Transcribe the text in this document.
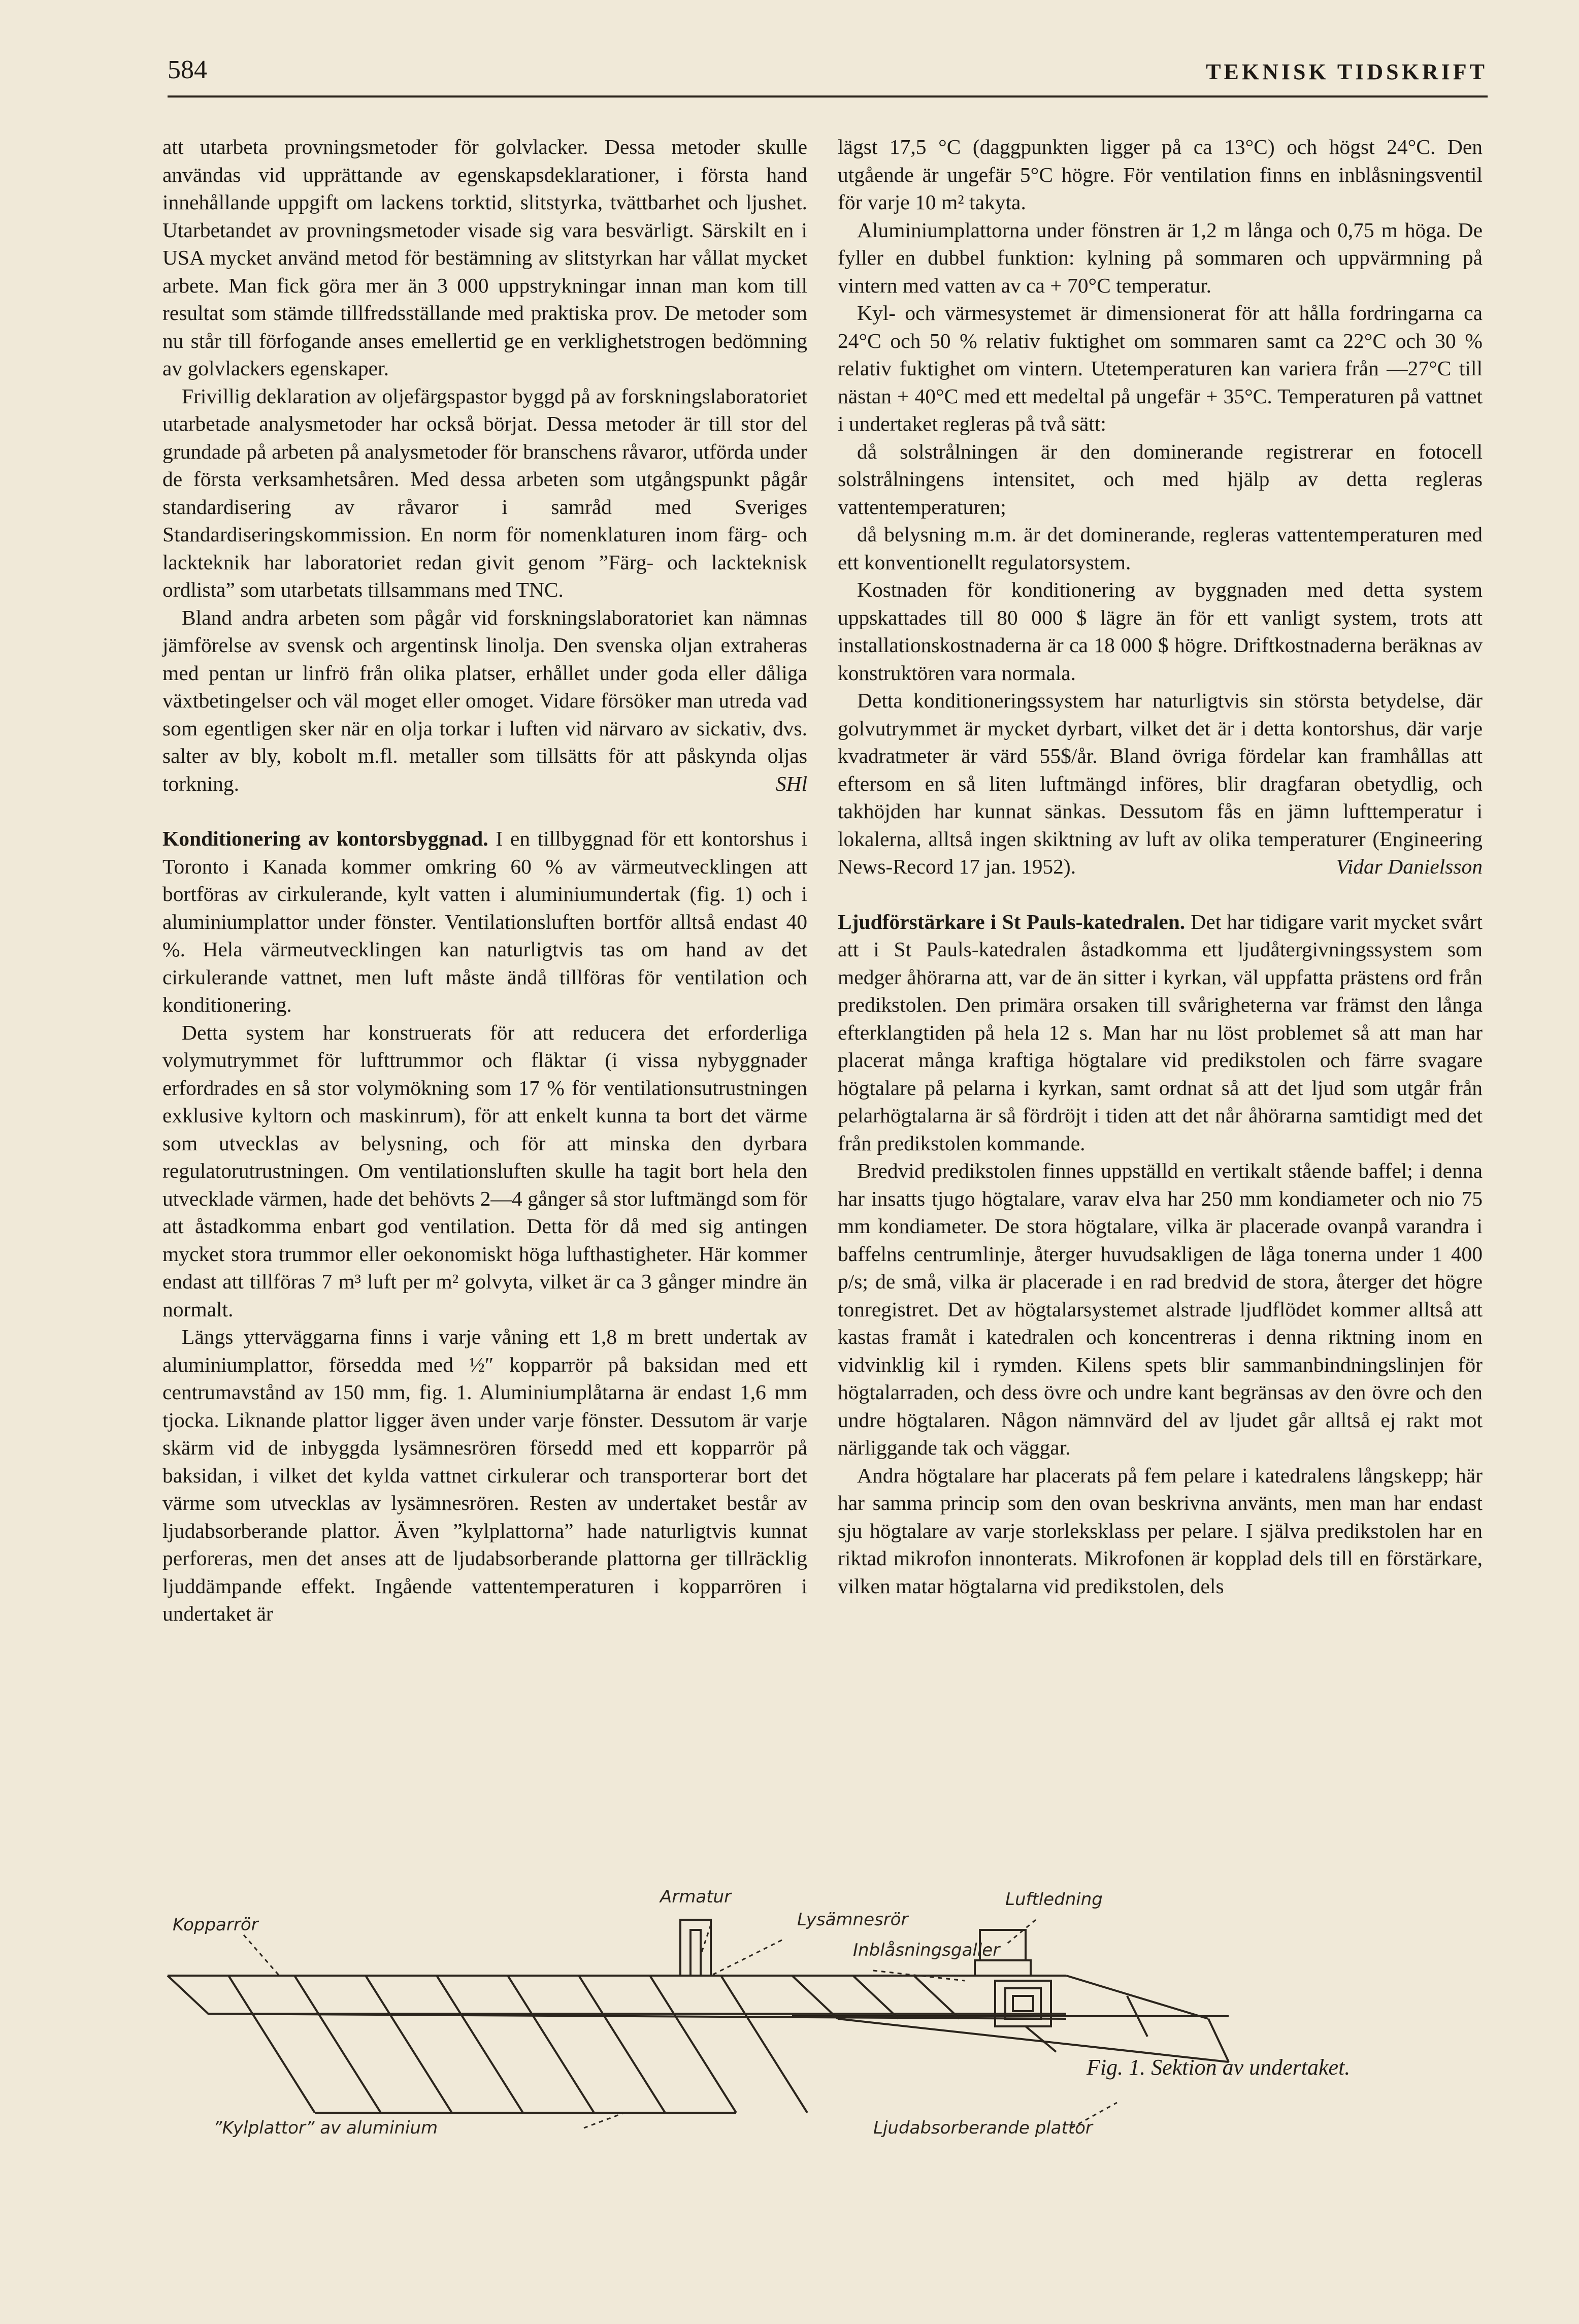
584	TEKNISK TIDSKRIFT

att utarbeta provningsmetoder för golvlacker. Dessa metoder skulle användas vid upprättande av egenskapsdeklarationer, i första hand innehållande uppgift om lackens torktid, slitstyrka, tvättbarhet och ljushet. Utarbetandet av provningsmetoder visade sig vara besvärligt. Särskilt en i USA mycket använd metod för bestämning av slitstyrkan har vållat mycket arbete. Man fick göra mer än 3 000 uppstrykningar innan man kom till resultat som stämde tillfredsställande med praktiska prov. De metoder som nu står till förfogande anses emellertid ge en verklighetstrogen bedömning av golvlackers egenskaper.

Frivillig deklaration av oljefärgspastor byggd på av forskningslaboratoriet utarbetade analysmetoder har också börjat. Dessa metoder är till stor del grundade på arbeten på analysmetoder för branschens råvaror, utförda under de första verksamhetsåren. Med dessa arbeten som utgångspunkt pågår standardisering av råvaror i samråd med Sveriges Standardiseringskommission. En norm för nomenklaturen inom färg- och lackteknik har laboratoriet redan givit genom ”Färg- och lackteknisk ordlista” som utarbetats tillsammans med TNC.

Bland andra arbeten som pågår vid forskningslaboratoriet kan nämnas jämförelse av svensk och argentinsk linolja. Den svenska oljan extraheras med pentan ur linfrö från olika platser, erhållet under goda eller dåliga växtbetingelser och väl moget eller omoget. Vidare försöker man utreda vad som egentligen sker när en olja torkar i luften vid närvaro av sickativ, dvs. salter av bly, kobolt m.fl. metaller som tillsätts för att påskynda oljas torkning.	SHl

Konditionering av kontorsbyggnad. I en tillbyggnad för ett kontorshus i Toronto i Kanada kommer omkring 60 % av värmeutvecklingen att bortföras av cirkulerande, kylt vatten i aluminiumundertak (fig. 1) och i aluminiumplattor under fönster. Ventilationsluften bortför alltså endast 40 %. Hela värmeutvecklingen kan naturligtvis tas om hand av det cirkulerande vattnet, men luft måste ändå tillföras för ventilation och konditionering.

Detta system har konstruerats för att reducera det erforderliga volymutrymmet för lufttrummor och fläktar (i vissa nybyggnader erfordrades en så stor volymökning som 17 % för ventilationsutrustningen exklusive kyltorn och maskinrum), för att enkelt kunna ta bort det värme som utvecklas av belysning, och för att minska den dyrbara regulatorutrustningen. Om ventilationsluften skulle ha tagit bort hela den utvecklade värmen, hade det behövts 2—4 gånger så stor luftmängd som för att åstadkomma enbart god ventilation. Detta för då med sig antingen mycket stora trummor eller oekonomiskt höga lufthastigheter. Här kommer endast att tillföras 7 m³ luft per m² golvyta, vilket är ca 3 gånger mindre än normalt.

Längs ytterväggarna finns i varje våning ett 1,8 m brett undertak av aluminiumplattor, försedda med ½″ kopparrör på baksidan med ett centrumavstånd av 150 mm, fig. 1. Aluminiumplåtarna är endast 1,6 mm tjocka. Liknande plattor ligger även under varje fönster. Dessutom är varje skärm vid de inbyggda lysämnesrören försedd med ett kopparrör på baksidan, i vilket det kylda vattnet cirkulerar och transporterar bort det värme som utvecklas av lysämnesrören. Resten av undertaket består av ljudabsorberande plattor. Även ”kylplattorna” hade naturligtvis kunnat perforeras, men det anses att de ljudabsorberande plattorna ger tillräcklig ljuddämpande effekt. Ingående vattentemperaturen i kopparrören i undertaket är

lägst 17,5 °C (daggpunkten ligger på ca 13°C) och högst 24°C. Den utgående är ungefär 5°C högre. För ventilation finns en inblåsningsventil för varje 10 m² takyta.

Aluminiumplattorna under fönstren är 1,2 m långa och 0,75 m höga. De fyller en dubbel funktion: kylning på sommaren och uppvärmning på vintern med vatten av ca + 70°C temperatur.

Kyl- och värmesystemet är dimensionerat för att hålla fordringarna ca 24°C och 50 % relativ fuktighet om sommaren samt ca 22°C och 30 % relativ fuktighet om vintern. Utetemperaturen kan variera från —27°C till nästan + 40°C med ett medeltal på ungefär + 35°C. Temperaturen på vattnet i undertaket regleras på två sätt:

då solstrålningen är den dominerande registrerar en fotocell solstrålningens intensitet, och med hjälp av detta regleras vattentemperaturen;

då belysning m.m. är det dominerande, regleras vattentemperaturen med ett konventionellt regulatorsystem.

Kostnaden för konditionering av byggnaden med detta system uppskattades till 80 000 $ lägre än för ett vanligt system, trots att installationskostnaderna är ca 18 000 $ högre. Driftkostnaderna beräknas av konstruktören vara normala.

Detta konditioneringssystem har naturligtvis sin största betydelse, där golvutrymmet är mycket dyrbart, vilket det är i detta kontorshus, där varje kvadratmeter är värd 55$/år. Bland övriga fördelar kan framhållas att eftersom en så liten luftmängd införes, blir dragfaran obetydlig, och takhöjden har kunnat sänkas. Dessutom fås en jämn lufttemperatur i lokalerna, alltså ingen skiktning av luft av olika temperaturer (Engineering News-Record 17 jan. 1952).	Vidar Danielsson

Ljudförstärkare i St Pauls-katedralen. Det har tidigare varit mycket svårt att i St Pauls-katedralen åstadkomma ett ljudåtergivningssystem som medger åhörarna att, var de än sitter i kyrkan, väl uppfatta prästens ord från predikstolen. Den primära orsaken till svårigheterna var främst den långa efterklangtiden på hela 12 s. Man har nu löst problemet så att man har placerat många kraftiga högtalare vid predikstolen och färre svagare högtalare på pelarna i kyrkan, samt ordnat så att det ljud som utgår från pelarhögtalarna är så fördröjt i tiden att det når åhörarna samtidigt med det från predikstolen kommande.

Bredvid predikstolen finnes uppställd en vertikalt stående baffel; i denna har insatts tjugo högtalare, varav elva har 250 mm kondiameter och nio 75 mm kondiameter. De stora högtalare, vilka är placerade ovanpå varandra i baffelns centrumlinje, återger huvudsakligen de låga tonerna under 1 400 p/s; de små, vilka är placerade i en rad bredvid de stora, återger det högre tonregistret. Det av högtalarsystemet alstrade ljudflödet kommer alltså att kastas framåt i katedralen och koncentreras i denna riktning inom en vidvinklig kil i rymden. Kilens spets blir sammanbindningslinjen för högtalarraden, och dess övre och undre kant begränsas av den övre och den undre högtalaren. Någon nämnvärd del av ljudet går alltså ej rakt mot närliggande tak och väggar.

Andra högtalare har placerats på fem pelare i katedralens långskepp; här har samma princip som den ovan beskrivna använts, men man har endast sju högtalare av varje storleksklass per pelare. I själva predikstolen har en riktad mikrofon innonterats. Mikrofonen är kopplad dels till en förstärkare, vilken matar högtalarna vid predikstolen, dels

Kopparrör
Armatur
Lysämnesrör
Inblåsningsgaller
Luftledning
”Kylplattor” av aluminium	Ljudabsorberande plattor
Fig. 1. Sektion av undertaket.
